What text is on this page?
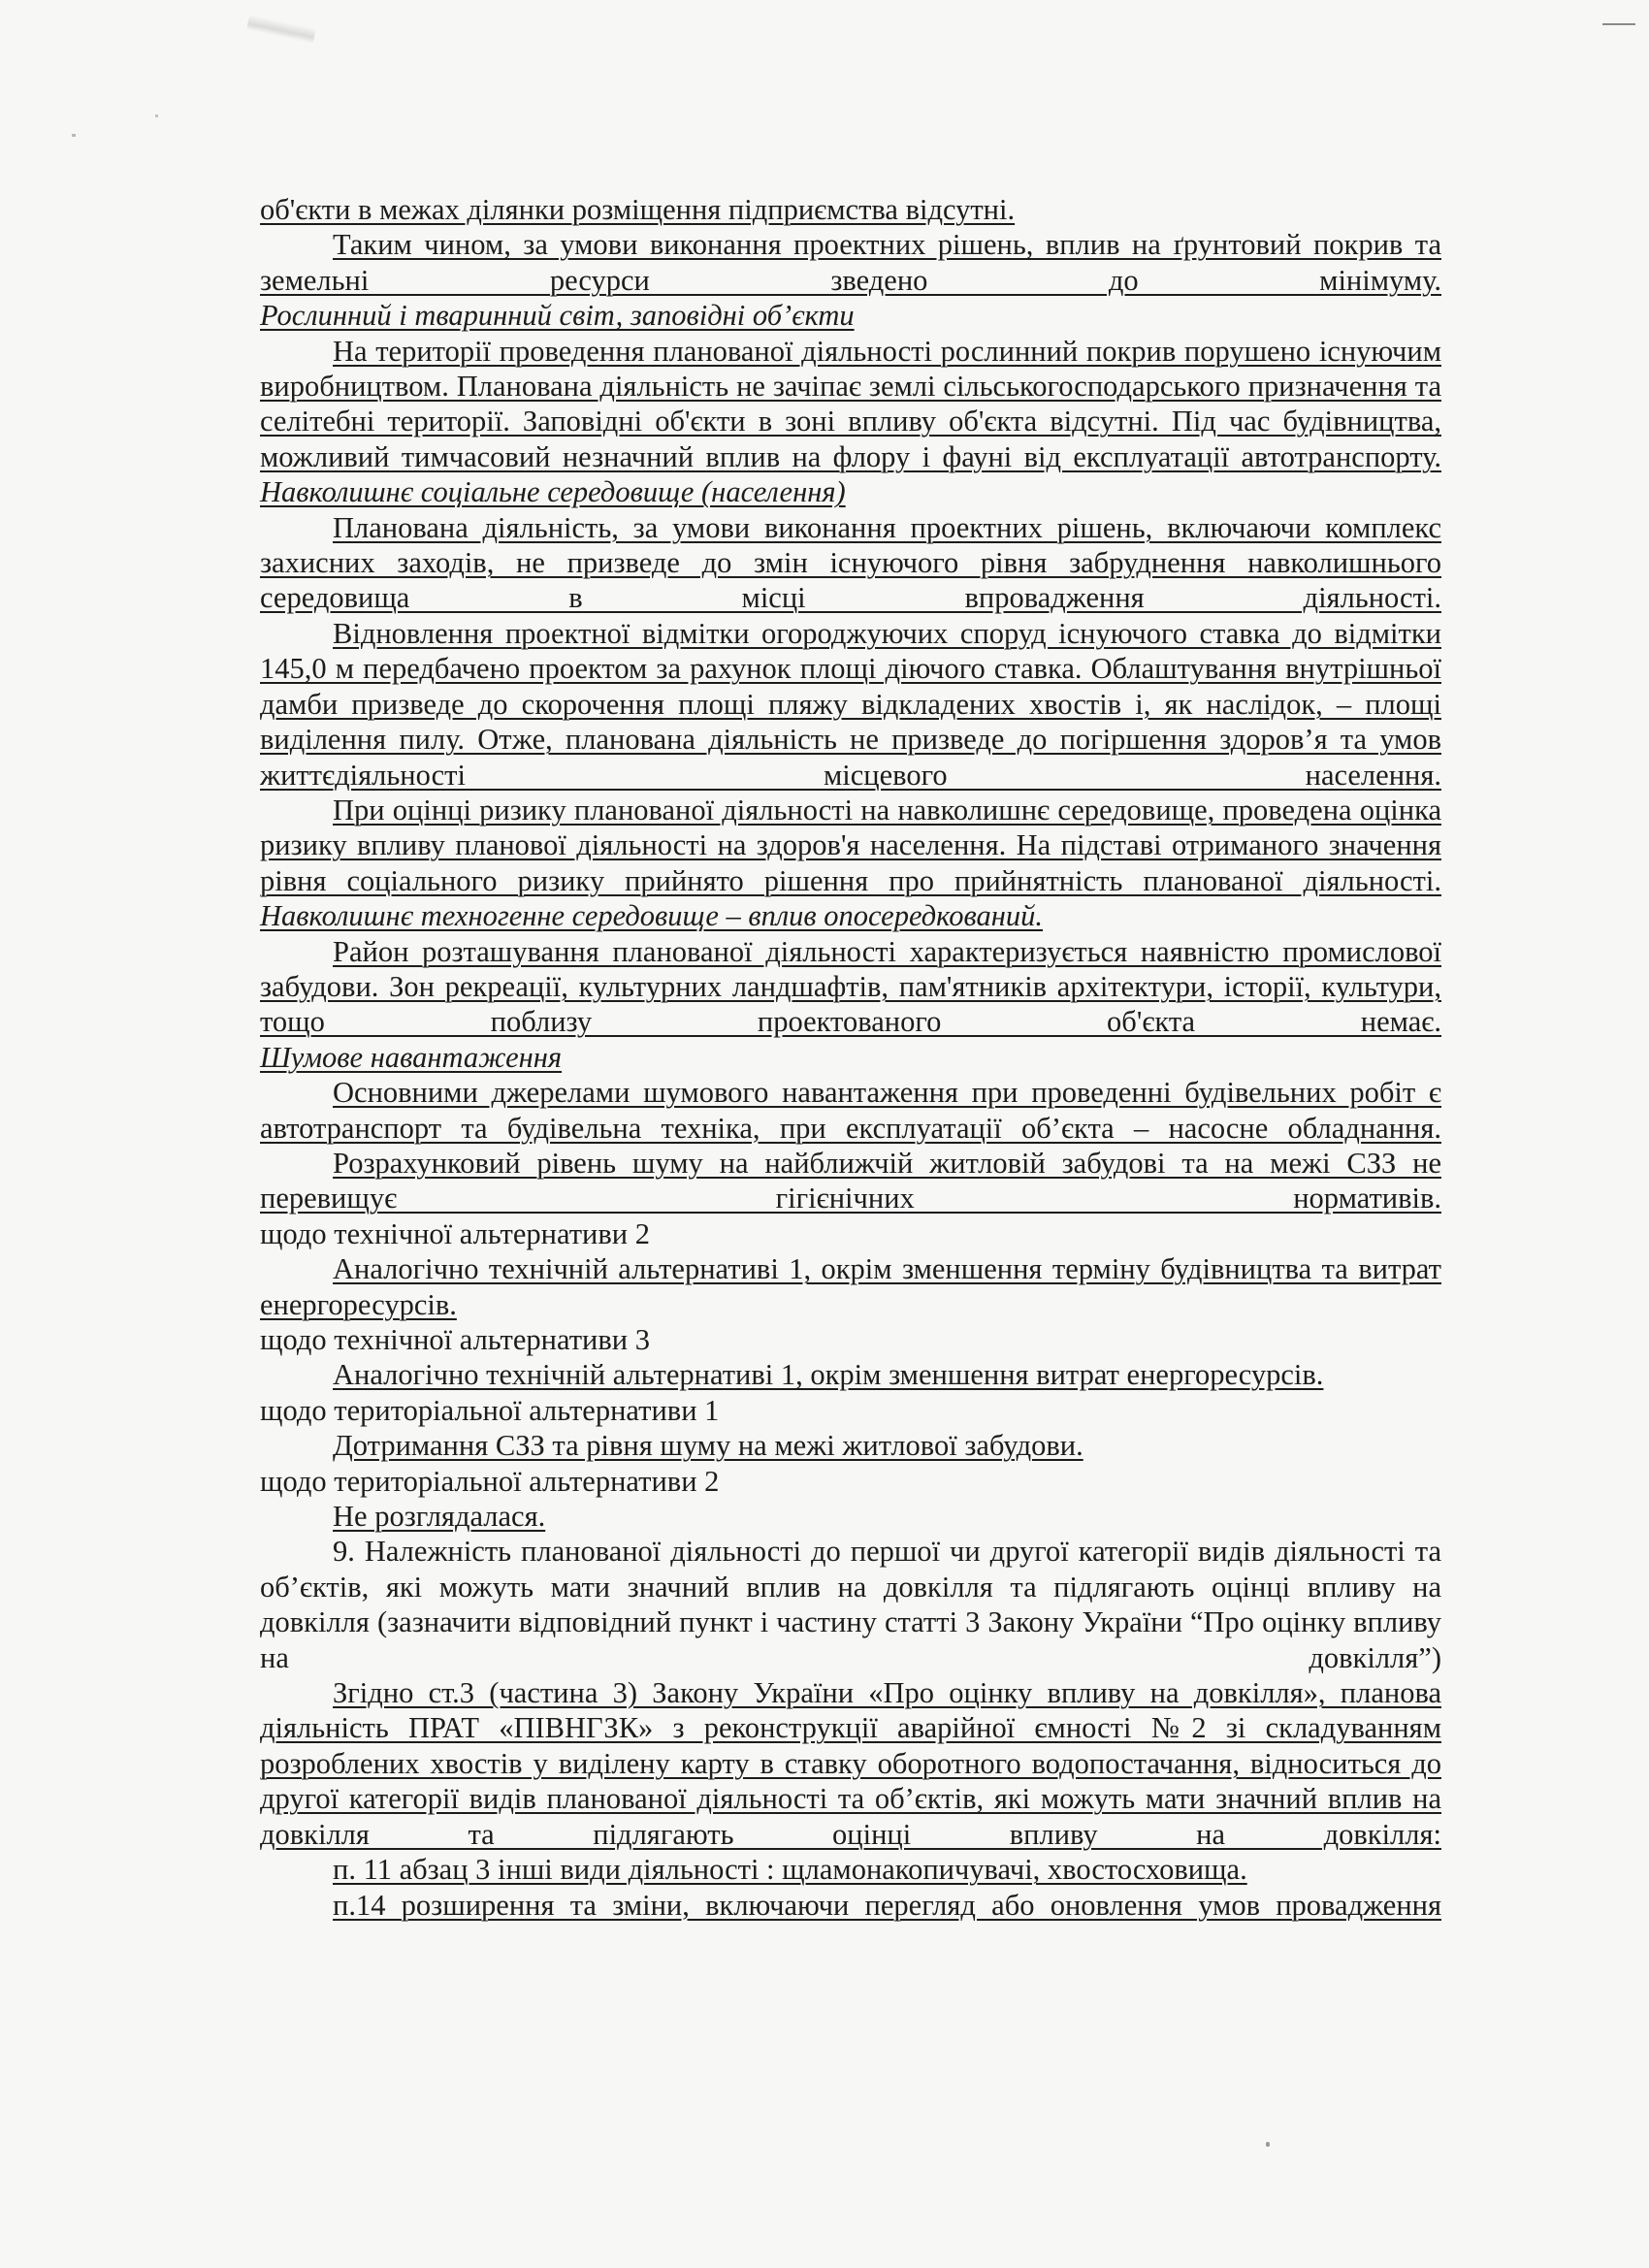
об'єкти в межах ділянки розміщення підприємства відсутні.

Таким чином, за умови виконання проектних рішень, вплив на ґрунтовий покрив та земельні ресурси зведено до мінімуму.

Рослинний і тваринний світ, заповідні об’єкти

На території проведення планованої діяльності рослинний покрив порушено існуючим виробництвом. Планована діяльність не зачіпає землі сільськогосподарського призначення та селітебні території. Заповідні об'єкти в зоні впливу об'єкта відсутні. Під час будівництва, можливий тимчасовий незначний вплив на флору і фауні від експлуатації автотранспорту.

Навколишнє соціальне середовище (населення)

Планована діяльність, за умови виконання проектних рішень, включаючи комплекс захисних заходів, не призведе до змін існуючого рівня забруднення навколишнього середовища в місці впровадження діяльності.

Відновлення проектної відмітки огороджуючих споруд існуючого ставка до відмітки 145,0 м передбачено проектом за рахунок площі діючого ставка. Облаштування внутрішньої дамби призведе до скорочення площі пляжу відкладених хвостів і, як наслідок, – площі виділення пилу. Отже, планована діяльність не призведе до погіршення здоров’я та умов життєдіяльності місцевого населення.

При оцінці ризику планованої діяльності на навколишнє середовище, проведена оцінка ризику впливу планової діяльності на здоров'я населення. На підставі отриманого значення рівня соціального ризику прийнято рішення про прийнятність планованої діяльності.

Навколишнє техногенне середовище – вплив опосередкований.

Район розташування планованої діяльності характеризується наявністю промислової забудови. Зон рекреації, культурних ландшафтів, пам'ятників архітектури, історії, культури, тощо поблизу проектованого об'єкта немає.

Шумове навантаження

Основними джерелами шумового навантаження при проведенні будівельних робіт є автотранспорт та будівельна техніка, при експлуатації об’єкта – насосне обладнання.

Розрахунковий рівень шуму на найближчій житловій забудові та на межі СЗЗ не перевищує гігієнічних нормативів.

щодо технічної альтернативи 2

Аналогічно технічній альтернативі 1, окрім зменшення терміну будівництва та витрат енергоресурсів.

щодо технічної альтернативи 3

Аналогічно технічній альтернативі 1, окрім зменшення витрат енергоресурсів.

щодо територіальної альтернативи 1

Дотримання СЗЗ та рівня шуму на межі житлової забудови.

щодо територіальної альтернативи 2

Не розглядалася.

9. Належність планованої діяльності до першої чи другої категорії видів діяльності та об’єктів, які можуть мати значний вплив на довкілля та підлягають оцінці впливу на довкілля (зазначити відповідний пункт і частину статті 3 Закону України “Про оцінку впливу на довкілля”)

Згідно ст.3 (частина 3) Закону України «Про оцінку впливу на довкілля», планова діяльність ПРАТ «ПІВНГЗК» з реконструкції аварійної ємності №2 зі складуванням розроблених хвостів у виділену карту в ставку оборотного водопостачання, відноситься до другої категорії видів планованої діяльності та об’єктів, які можуть мати значний вплив на довкілля та підлягають оцінці впливу на довкілля:

п. 11 абзац 3 інші види діяльності : щламонакопичувачі, хвостосховища.

п.14 розширення та зміни, включаючи перегляд або оновлення умов провадження
